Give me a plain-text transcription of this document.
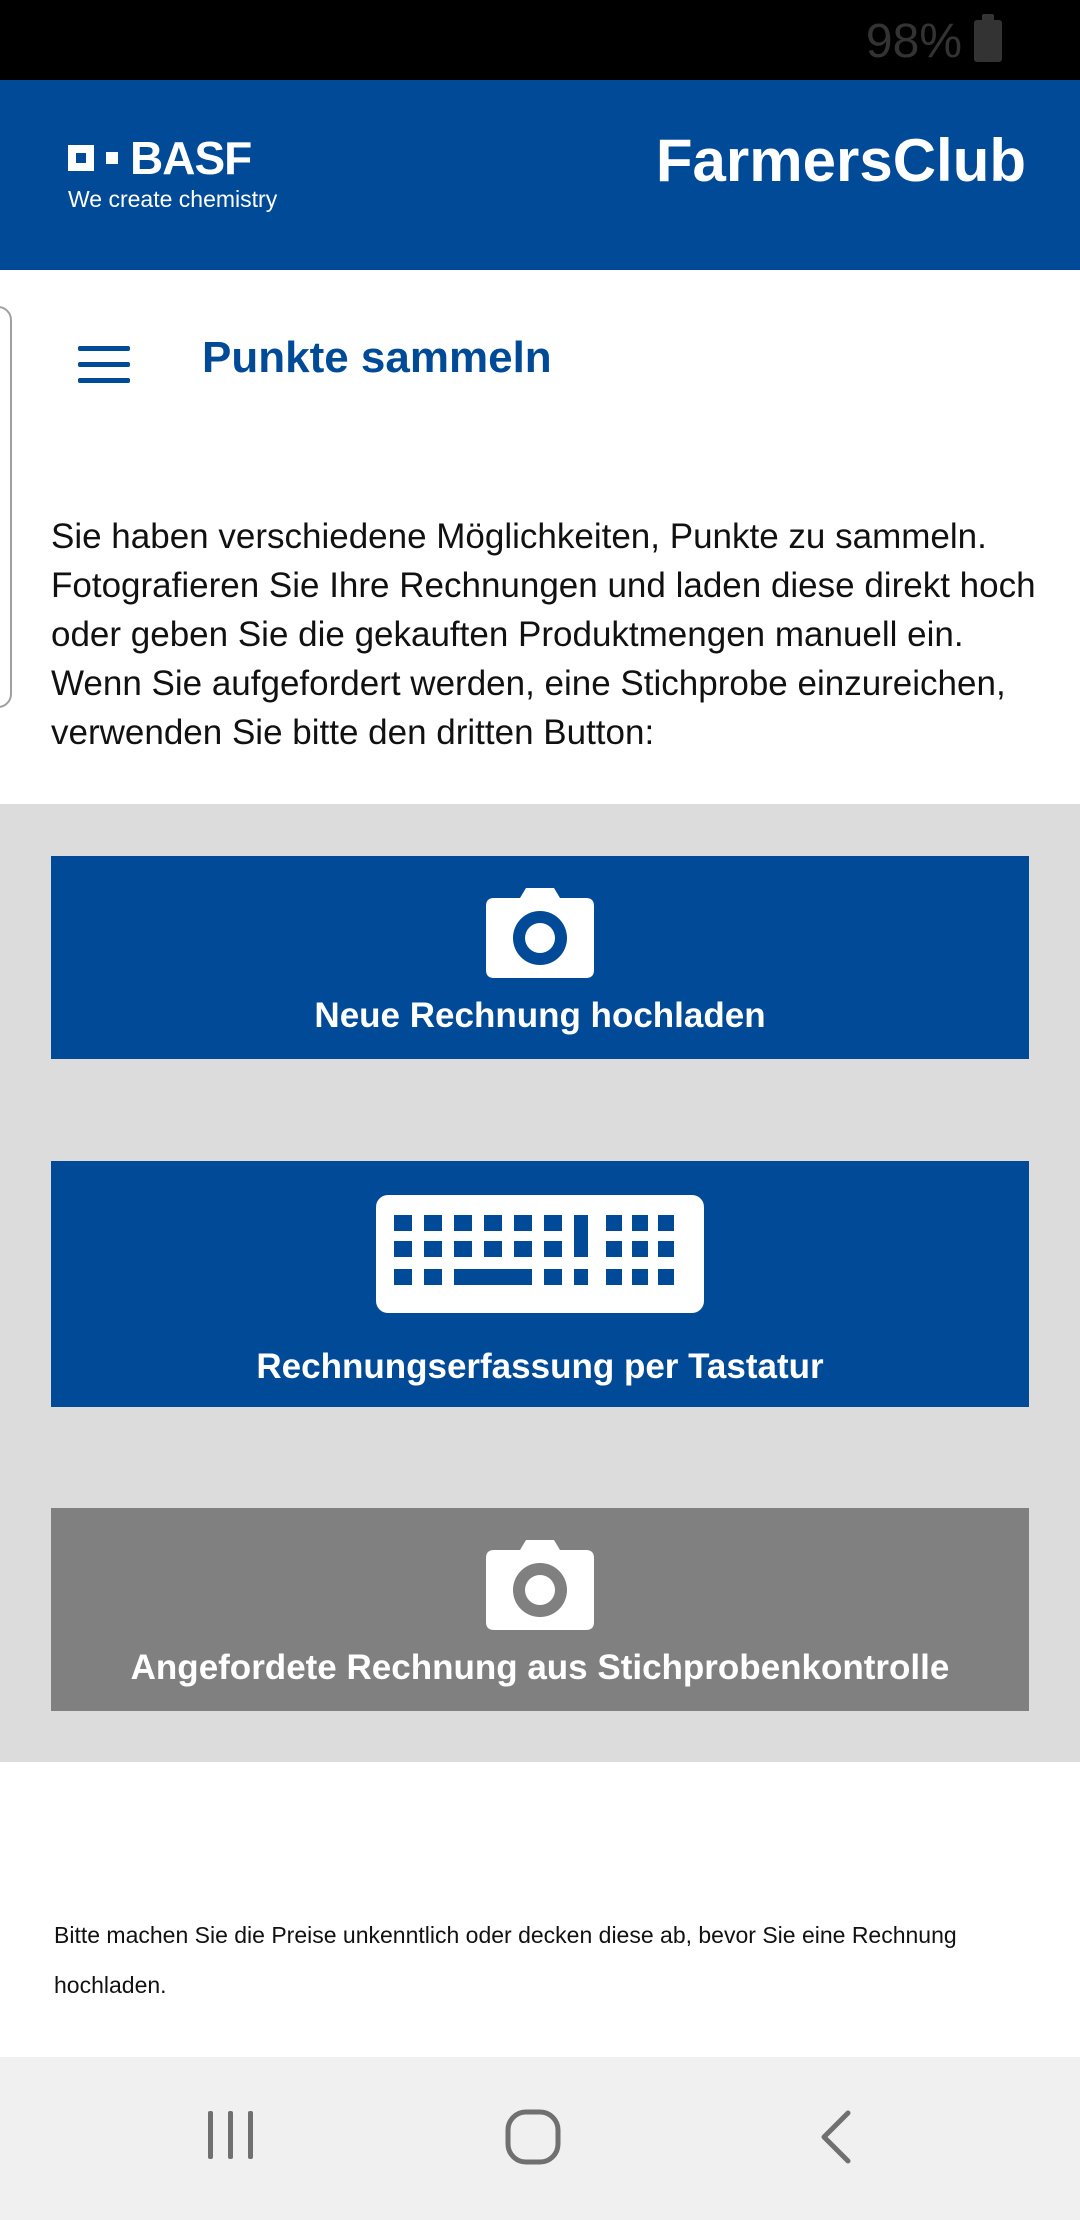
98%
BASF
We create chemistry
FarmersClub
Punkte sammeln
Sie haben verschiedene Möglichkeiten, Punkte zu sammeln. Fotografieren Sie Ihre Rechnungen und laden diese direkt hoch oder geben Sie die gekauften Produktmengen manuell ein. Wenn Sie aufgefordert werden, eine Stichprobe einzureichen, verwenden Sie bitte den dritten Button:
Neue Rechnung hochladen
Rechnungserfassung per Tastatur
Angefordete Rechnung aus Stichprobenkontrolle
Bitte machen Sie die Preise unkenntlich oder decken diese ab, bevor Sie eine Rechnung hochladen.
